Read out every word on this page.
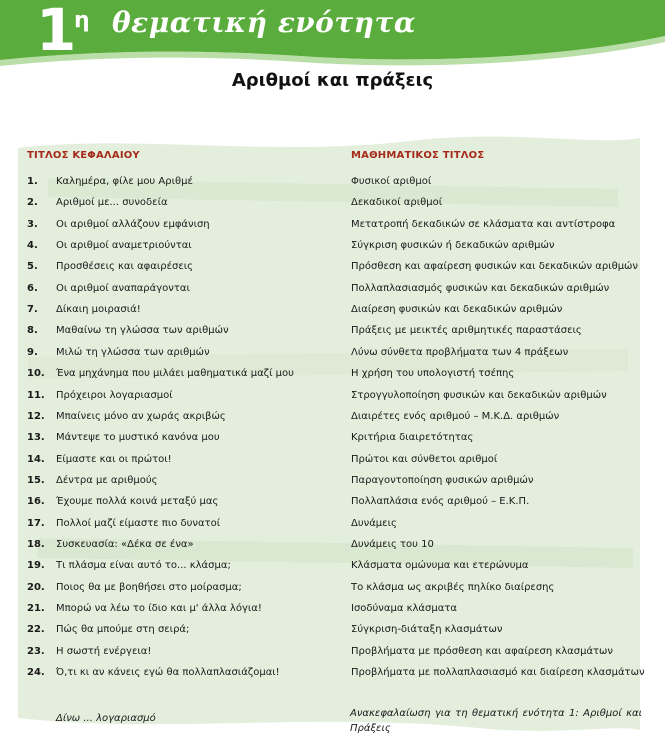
1 η θεματική ενότητα
Αριθμοί και πράξεις
ΤΙΤΛΟΣ ΚΕΦΑΛΑΙΟΥ	ΜΑΘΗΜΑΤΙΚΟΣ ΤΙΤΛΟΣ
1. Καλημέρα, φίλε μου Αριθμέ	Φυσικοί αριθμοί
2. Αριθμοί με... συνοδεία	Δεκαδικοί αριθμοί
3. Οι αριθμοί αλλάζουν εμφάνιση	Μετατροπή δεκαδικών σε κλάσματα και αντίστροφα
4. Οι αριθμοί αναμετριούνται	Σύγκριση φυσικών ή δεκαδικών αριθμών
5. Προσθέσεις και αφαιρέσεις	Πρόσθεση και αφαίρεση φυσικών και δεκαδικών αριθμών
6. Οι αριθμοί αναπαράγονται	Πολλαπλασιασμός φυσικών και δεκαδικών αριθμών
7. Δίκαιη μοιρασιά!	Διαίρεση φυσικών και δεκαδικών αριθμών
8. Μαθαίνω τη γλώσσα των αριθμών	Πράξεις με μεικτές αριθμητικές παραστάσεις
9. Μιλώ τη γλώσσα των αριθμών	Λύνω σύνθετα προβλήματα των 4 πράξεων
10. Ένα μηχάνημα που μιλάει μαθηματικά μαζί μου	Η χρήση του υπολογιστή τσέπης
11. Πρόχειροι λογαριασμοί	Στρογγυλοποίηση φυσικών και δεκαδικών αριθμών
12. Μπαίνεις μόνο αν χωράς ακριβώς	Διαιρέτες ενός αριθμού – Μ.Κ.Δ. αριθμών
13. Μάντεψε το μυστικό κανόνα μου	Κριτήρια διαιρετότητας
14. Είμαστε και οι πρώτοι!	Πρώτοι και σύνθετοι αριθμοί
15. Δέντρα με αριθμούς	Παραγοντοποίηση φυσικών αριθμών
16. Έχουμε πολλά κοινά μεταξύ μας	Πολλαπλάσια ενός αριθμού – Ε.Κ.Π.
17. Πολλοί μαζί είμαστε πιο δυνατοί	Δυνάμεις
18. Συσκευασία: «Δέκα σε ένα»	Δυνάμεις του 10
19. Τι πλάσμα είναι αυτό το... κλάσμα;	Κλάσματα ομώνυμα και ετερώνυμα
20. Ποιος θα με βοηθήσει στο μοίρασμα;	Το κλάσμα ως ακριβές πηλίκο διαίρεσης
21. Μπορώ να λέω το ίδιο και μ' άλλα λόγια!	Ισοδύναμα κλάσματα
22. Πώς θα μπούμε στη σειρά;	Σύγκριση-διάταξη κλασμάτων
23. Η σωστή ενέργεια!	Προβλήματα με πρόσθεση και αφαίρεση κλασμάτων
24. Ό,τι κι αν κάνεις εγώ θα πολλαπλασιάζομαι!	Προβλήματα με πολλαπλασιασμό και διαίρεση κλασμάτων
Δίνω ... λογαριασμό	Ανακεφαλαίωση για τη θεματική ενότητα 1: Αριθμοί και Πράξεις
